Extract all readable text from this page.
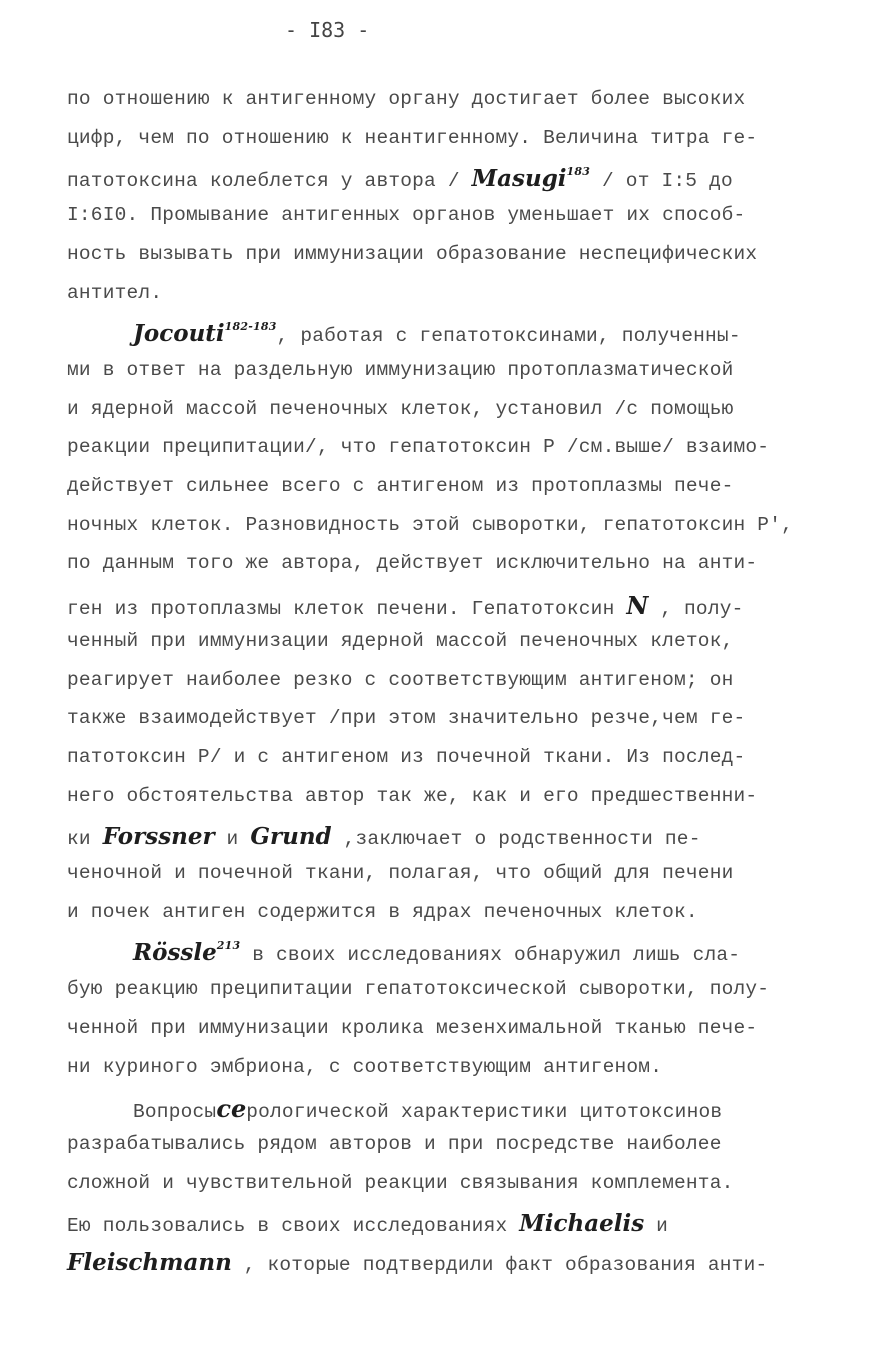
- I83 -
по отношению к антигенному органу достигает более высоких
цифр, чем по отношению к неантигенному. Величина титра ге-
патотоксина колеблется у автора / Masugi$^{183}$ / от I:5 до
I:6I0. Промывание антигенных органов уменьшает их способ-
ность вызывать при иммунизации образование неспецифических
антител.
Jocouti$^{182-183}$, работая с гепатотоксинами, полученны-
ми в ответ на раздельную иммунизацию протоплазматической
и ядерной массой печеночных клеток, установил /с помощью
реакции преципитации/, что гепатотоксин Р /см.выше/ взаимо-
действует сильнее всего с антигеном из протоплазмы пече-
ночных клеток. Разновидность этой сыворотки, гепатотоксин Р',
по данным того же автора, действует исключительно на анти-
ген из протоплазмы клеток печени. Гепатотоксин N , полу-
ченный при иммунизации ядерной массой печеночных клеток,
реагирует наиболее резко с соответствующим антигеном; он
также взаимодействует /при этом значительно резче,чем ге-
патотоксин Р/ и с антигеном из почечной ткани. Из послед-
него обстоятельства автор так же, как и его предшественни-
ки Forssner и Grund ,заключает о родственности пе-
ченочной и почечной ткани, полагая, что общий для печени
и почек антиген содержится в ядрах печеночных клеток.
Rössle$^{213}$ в своих исследованиях обнаружил лишь сла-
бую реакцию преципитации гепатотоксической сыворотки, полу-
ченной при иммунизации кролика мезенхимальной тканью пече-
ни куриного эмбриона, с соответствующим антигеном.
Вопросысерологической характеристики цитотоксинов
разрабатывались рядом авторов и при посредстве наиболее
сложной и чувствительной реакции связывания комплемента.
Ею пользовались в своих исследованиях Michaelis и
Fleischmann , которые подтвердили факт образования анти-
